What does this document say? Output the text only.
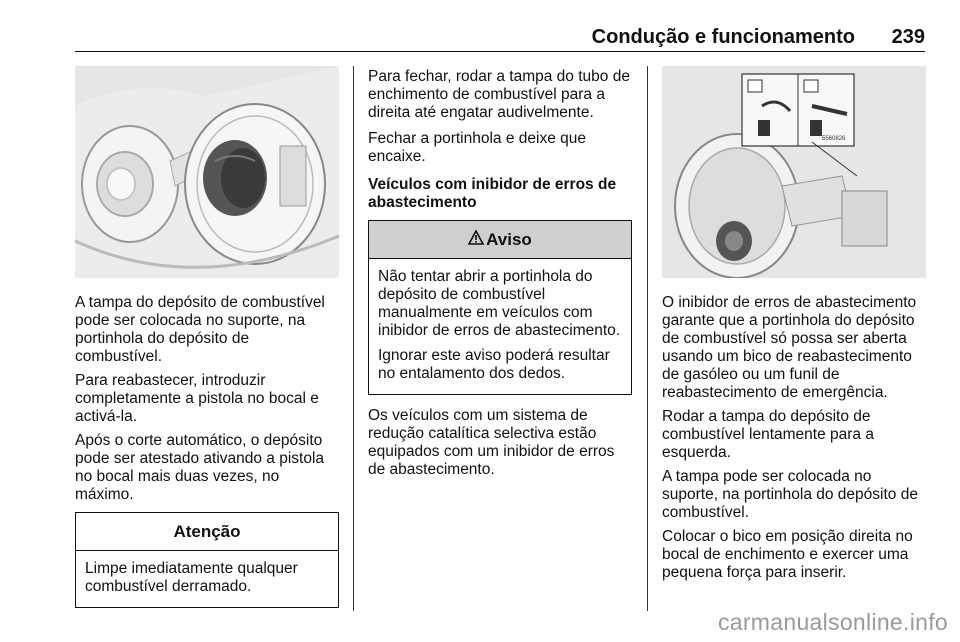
Condução e funcionamento 239

A tampa do depósito de combustível pode ser colocada no suporte, na portinhola do depósito de combustível.

Para reabastecer, introduzir completamente a pistola no bocal e activá-la.

Após o corte automático, o depósito pode ser atestado ativando a pistola no bocal mais duas vezes, no máximo.

Atenção

Limpe imediatamente qualquer combustível derramado.

Para fechar, rodar a tampa do tubo de enchimento de combustível para a direita até engatar audivelmente.

Fechar a portinhola e deixe que encaixe.

Veículos com inibidor de erros de abastecimento
Aviso

Não tentar abrir a portinhola do depósito de combustível manualmente em veículos com inibidor de erros de abastecimento.

Ignorar este aviso poderá resultar no entalamento dos dedos.

Os veículos com um sistema de redução catalítica selectiva estão equipados com um inibidor de erros de abastecimento.

5560826

O inibidor de erros de abastecimento garante que a portinhola do depósito de combustível só possa ser aberta usando um bico de reabastecimento de gasóleo ou um funil de reabastecimento de emergência.

Rodar a tampa do depósito de combustível lentamente para a esquerda.

A tampa pode ser colocada no suporte, na portinhola do depósito de combustível.

Colocar o bico em posição direita no bocal de enchimento e exercer uma pequena força para inserir.

carmanualsonline.info
